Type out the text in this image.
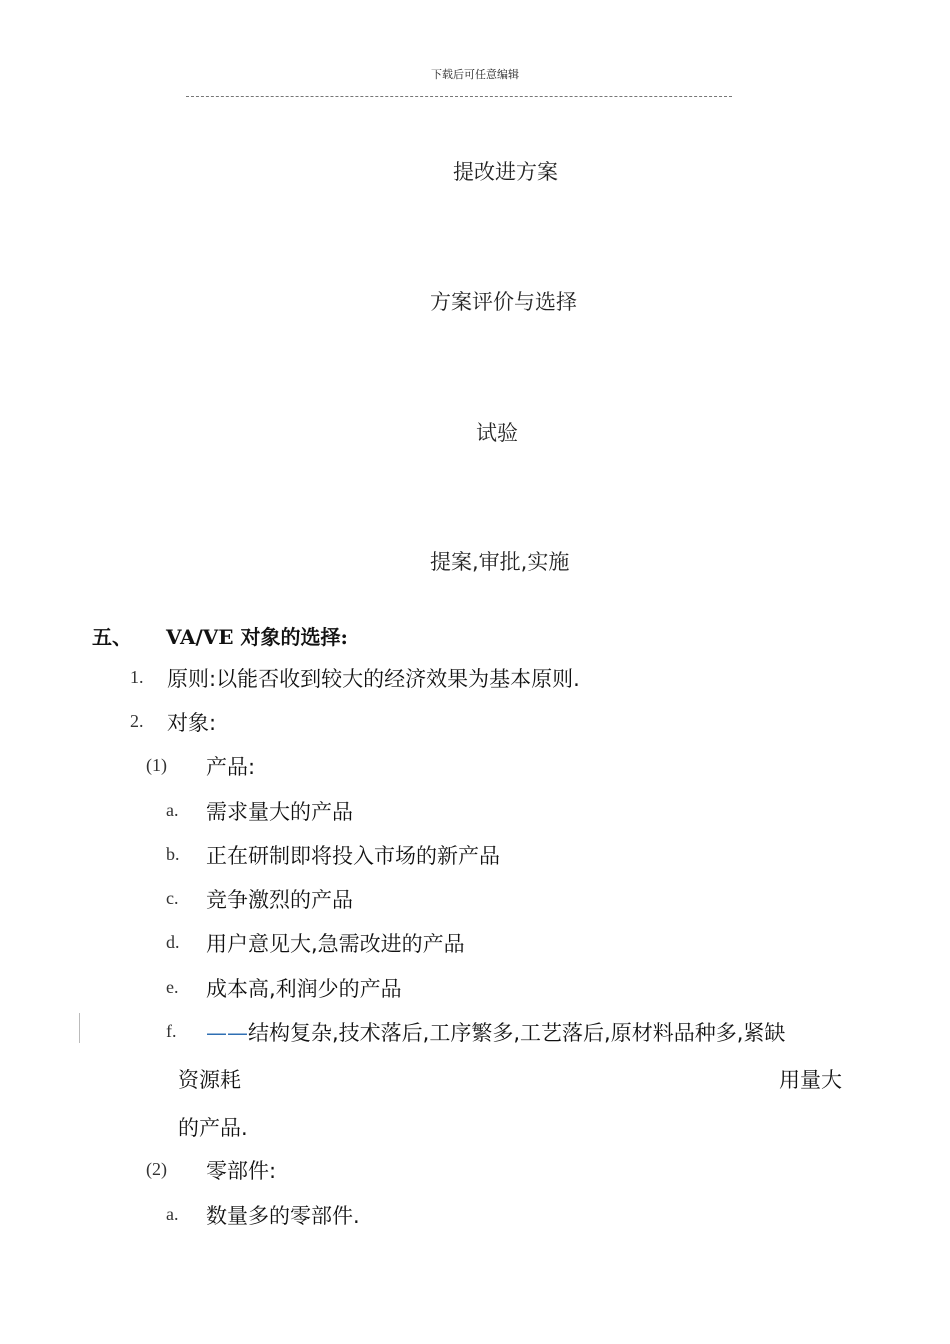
下载后可任意编辑
提改进方案
方案评价与选择
试验
提案,审批,实施
五、 VA/VE 对象的选择:
1. 原则:以能否收到较大的经济效果为基本原则.
2. 对象:
(1) 产品:
a. 需求量大的产品
b. 正在研制即将投入市场的新产品
c. 竞争激烈的产品
d. 用户意见大,急需改进的产品
e. 成本高,利润少的产品
f. ——结构复杂,技术落后,工序繁多,工艺落后,原材料品种多,紧缺
资源耗	用量大
的产品.
(2) 零部件:
a. 数量多的零部件.
